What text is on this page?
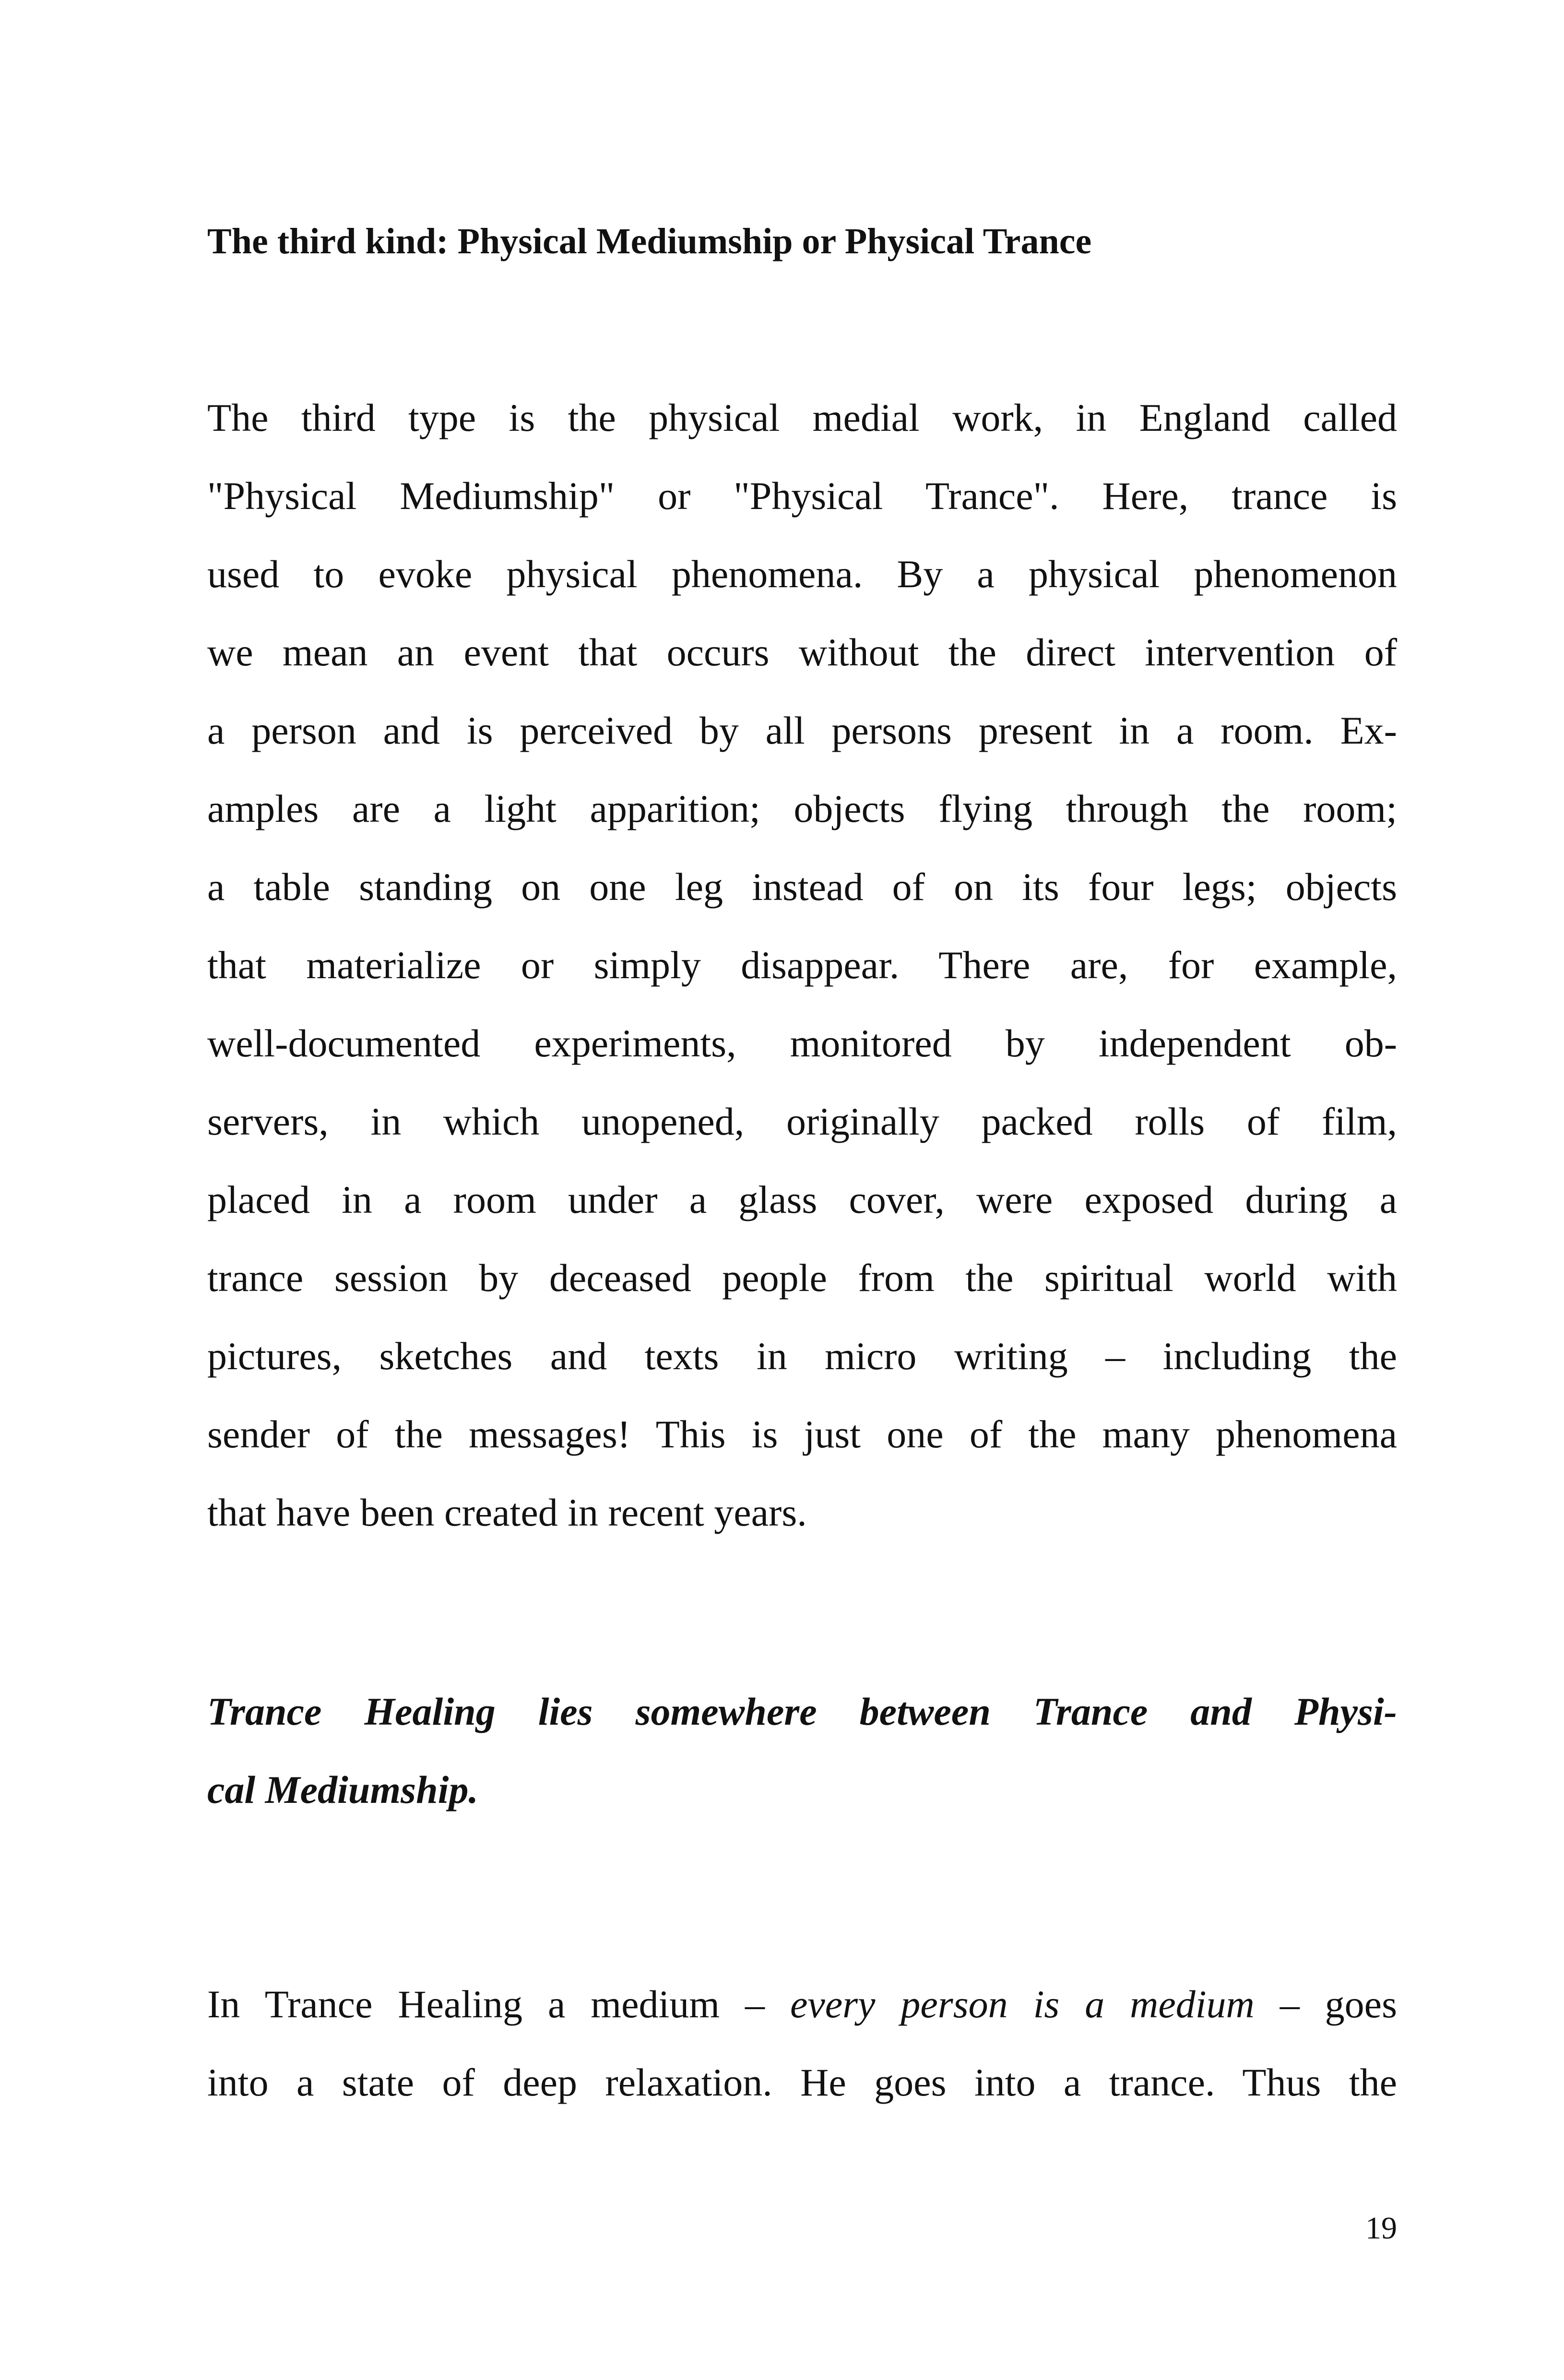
The third kind: Physical Mediumship or Physical Trance
The third type is the physical medial work, in England called
"Physical Mediumship" or "Physical Trance". Here, trance is
used to evoke physical phenomena. By a physical phenomenon
we mean an event that occurs without the direct intervention of
a person and is perceived by all persons present in a room. Ex-
amples are a light apparition; objects flying through the room;
a table standing on one leg instead of on its four legs; objects
that materialize or simply disappear. There are, for example,
well-documented experiments, monitored by independent ob-
servers, in which unopened, originally packed rolls of film,
placed in a room under a glass cover, were exposed during a
trance session by deceased people from the spiritual world with
pictures, sketches and texts in micro writing – including the
sender of the messages! This is just one of the many phenomena
that have been created in recent years.
Trance Healing lies somewhere between Trance and Physi-
cal Mediumship.
In Trance Healing a medium – every person is a medium – goes
into a state of deep relaxation. He goes into a trance. Thus the
19
